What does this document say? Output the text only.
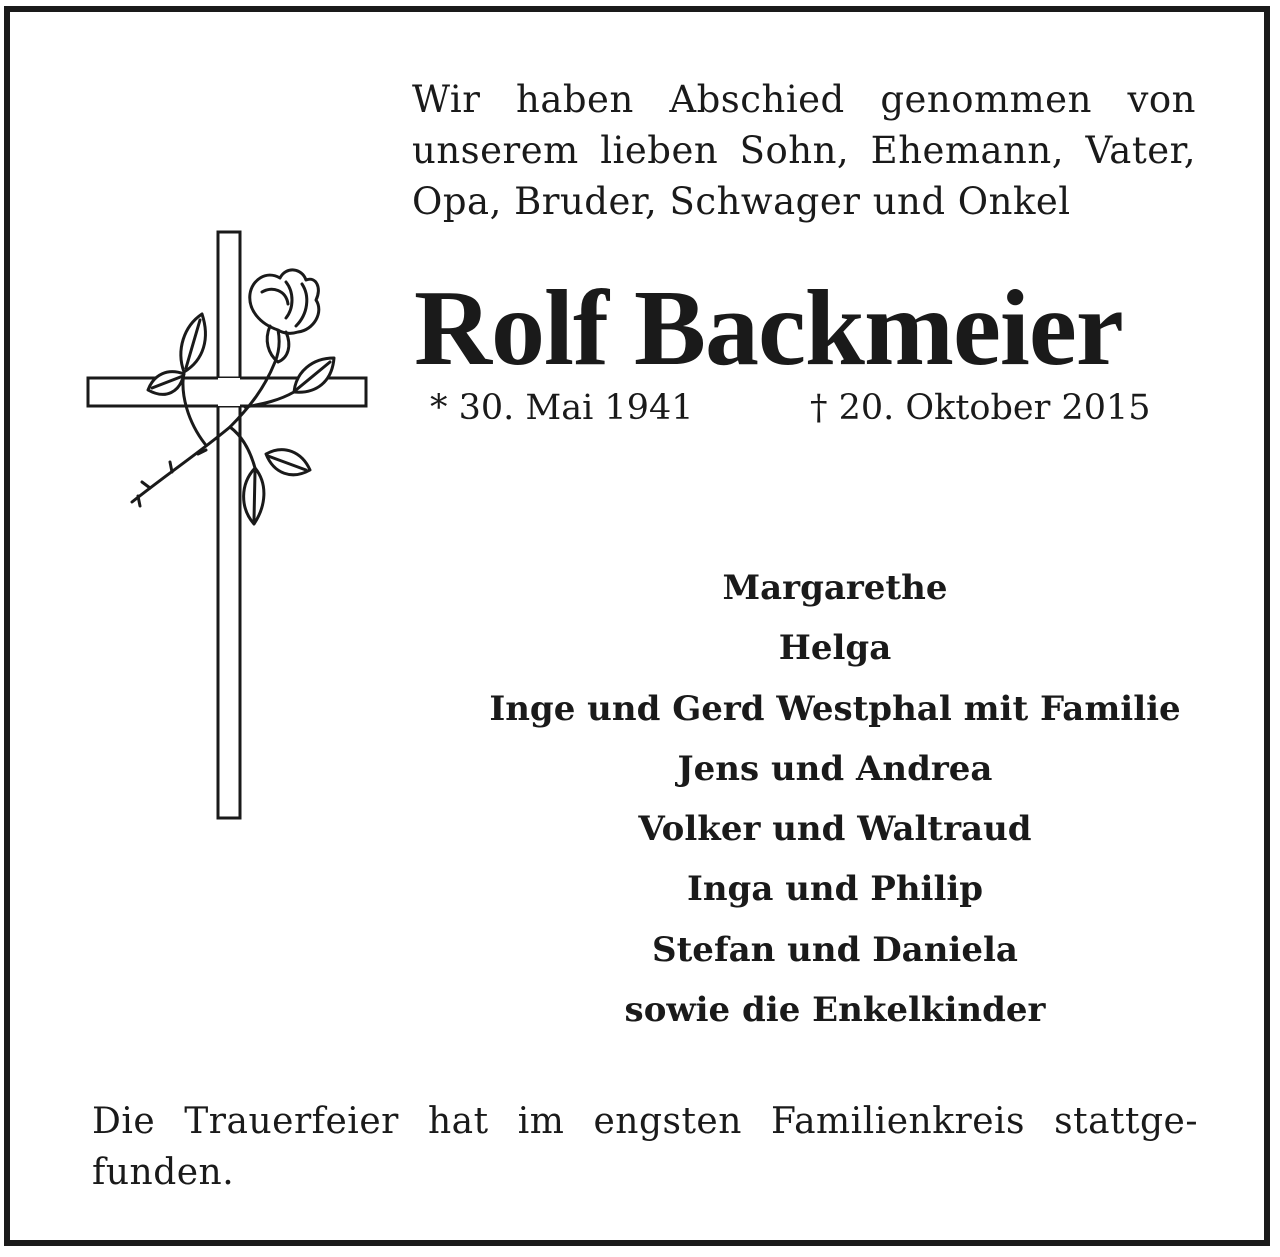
Wir haben Abschied genommen von
unserem lieben Sohn, Ehemann, Vater,
Opa, Bruder, Schwager und Onkel
Rolf Backmeier
* 30. Mai 1941	† 20. Oktober 2015
Margarethe
Helga
Inge und Gerd Westphal mit Familie
Jens und Andrea
Volker und Waltraud
Inga und Philip
Stefan und Daniela
sowie die Enkelkinder
Die Trauerfeier hat im engsten Familienkreis stattge-
funden.
